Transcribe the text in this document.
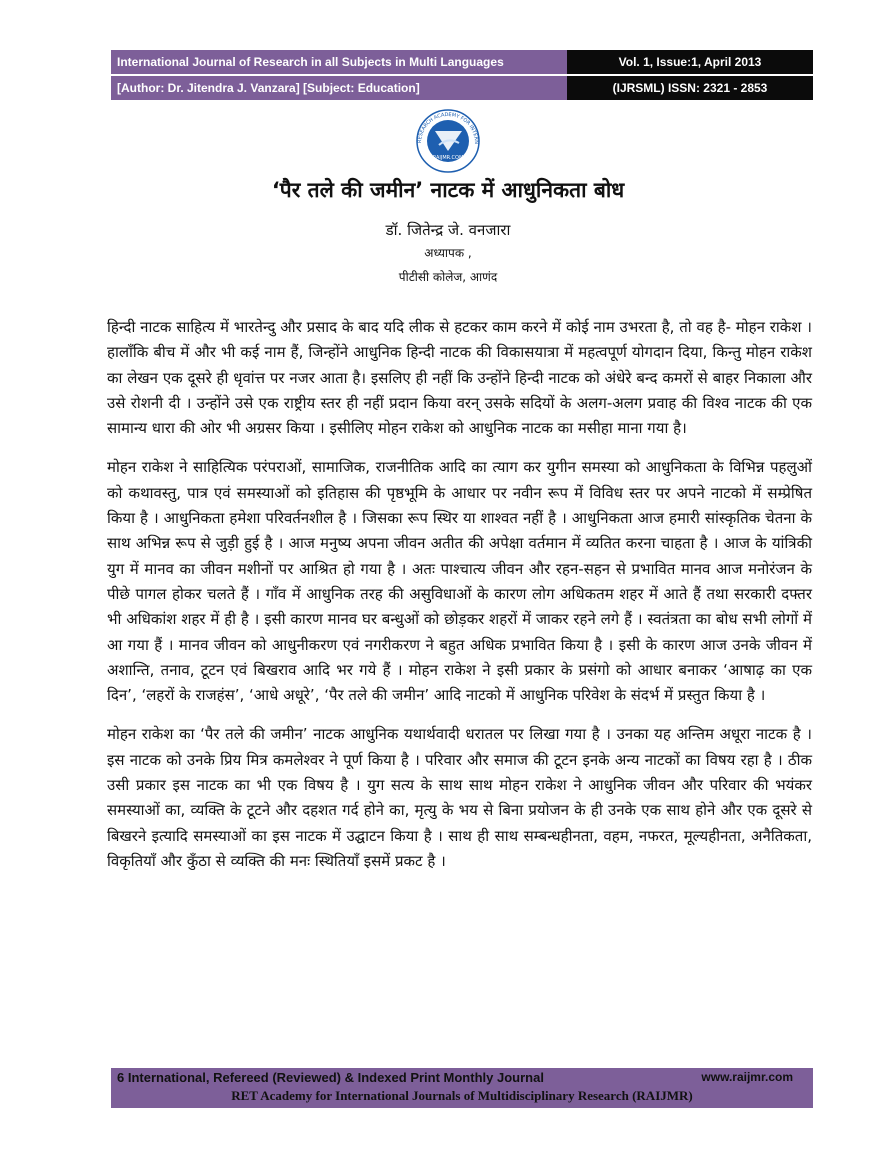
International Journal of Research in all Subjects in Multi Languages	Vol. 1, Issue:1, April 2013
[Author: Dr. Jitendra J. Vanzara] [Subject: Education]	(IJRSML) ISSN: 2321 - 2853
RESEARCH ACADEMY FOR INTERN
RAIJMR.COM
‘पैर तले की जमीन’ नाटक में आधुनिकता बोध
डॉ. जितेन्द्र जे. वनजारा
अध्यापक ,
पीटीसी कोलेज, आणंद

हिन्दी नाटक साहित्य में भारतेन्दु और प्रसाद के बाद यदि लीक से हटकर काम करने में कोई नाम उभरता है, तो वह है- मोहन राकेश । हालाँकि बीच में और भी कई नाम हैं, जिन्होंने आधुनिक हिन्दी नाटक की विकासयात्रा में महत्वपूर्ण योगदान दिया, किन्तु मोहन राकेश का लेखन एक दूसरे ही धृवांत्त पर नजर आता है। इसलिए ही नहीं कि उन्होंने हिन्दी नाटक को अंधेरे बन्द कमरों से बाहर निकाला और उसे रोशनी दी । उन्होंने उसे एक राष्ट्रीय स्तर ही नहीं प्रदान किया वरन् उसके सदियों के अलग-अलग प्रवाह की विश्व नाटक की एक सामान्य धारा की ओर भी अग्रसर किया । इसीलिए मोहन राकेश को आधुनिक नाटक का मसीहा माना गया है।

मोहन राकेश ने साहित्यिक परंपराओं, सामाजिक, राजनीतिक आदि का त्याग कर युगीन समस्या को आधुनिकता के विभिन्न पहलुओं को कथावस्तु, पात्र एवं समस्याओं को इतिहास की पृष्ठभूमि के आधार पर नवीन रूप में विविध स्तर पर अपने नाटको में सम्प्रेषित किया है । आधुनिकता हमेशा परिवर्तनशील है । जिसका रूप स्थिर या शाश्वत नहीं है । आधुनिकता आज हमारी सांस्कृतिक चेतना के साथ अभिन्न रूप से जुड़ी हुई है । आज मनुष्य अपना जीवन अतीत की अपेक्षा वर्तमान में व्यतित करना चाहता है । आज के यांत्रिकी युग में मानव का जीवन मशीनों पर आश्रित हो गया है । अतः पाश्चात्य जीवन और रहन-सहन से प्रभावित मानव आज मनोरंजन के पीछे पागल होकर चलते हैं । गाँव में आधुनिक तरह की असुविधाओं के कारण लोग अधिकतम शहर में आते हैं तथा सरकारी दफ्तर भी अधिकांश शहर में ही है । इसी कारण मानव घर बन्धुओं को छोड़कर शहरों में जाकर रहने लगे हैं । स्वतंत्रता का बोध सभी लोगों में आ गया हैं । मानव जीवन को आधुनीकरण एवं नगरीकरण ने बहुत अधिक प्रभावित किया है । इसी के कारण आज उनके जीवन में अशान्ति, तनाव, टूटन एवं बिखराव आदि भर गये हैं । मोहन राकेश ने इसी प्रकार के प्रसंगो को आधार बनाकर ‘आषाढ़ का एक दिन’, ‘लहरों के राजहंस’, ‘आधे अधूरे’, ‘पैर तले की जमीन’ आदि नाटको में आधुनिक परिवेश के संदर्भ में प्रस्तुत किया है ।

मोहन राकेश का ‘पैर तले की जमीन’ नाटक आधुनिक यथार्थवादी धरातल पर लिखा गया है । उनका यह अन्तिम अधूरा नाटक है । इस नाटक को उनके प्रिय मित्र कमलेश्वर ने पूर्ण किया है । परिवार और समाज की टूटन इनके अन्य नाटकों का विषय रहा है । ठीक उसी प्रकार इस नाटक का भी एक विषय है । युग सत्य के साथ साथ मोहन राकेश ने आधुनिक जीवन और परिवार की भयंकर समस्याओं का, व्यक्ति के टूटने और दहशत गर्द होने का, मृत्यु के भय से बिना प्रयोजन के ही उनके एक साथ होने और एक दूसरे से बिखरने इत्यादि समस्याओं का इस नाटक में उद्घाटन किया है । साथ ही साथ सम्बन्धहीनता, वहम, नफरत, मूल्यहीनता, अनैतिकता, विकृतियाँ और कुँठा से व्यक्ति की मनः स्थितियाँ इसमें प्रकट है ।

6 International, Refereed (Reviewed) & Indexed Print Monthly Journal	www.raijmr.com
RET Academy for International Journals of Multidisciplinary Research (RAIJMR)
